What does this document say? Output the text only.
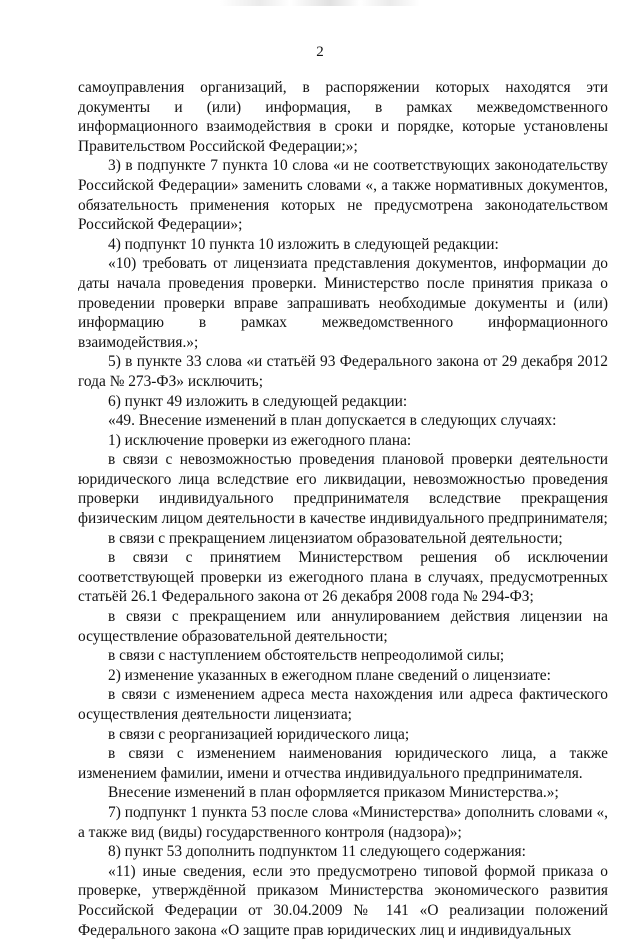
2

самоуправления организаций, в распоряжении которых находятся эти документы и (или) информация, в рамках межведомственного информационного взаимодействия в сроки и порядке, которые установлены Правительством Российской Федерации;»;

3) в подпункте 7 пункта 10 слова «и не соответствующих законодательству Российской Федерации» заменить словами «, а также нормативных документов, обязательность применения которых не предусмотрена законодательством Российской Федерации»;

4) подпункт 10 пункта 10 изложить в следующей редакции:

«10) требовать от лицензиата представления документов, информации до даты начала проведения проверки. Министерство после принятия приказа о проведении проверки вправе запрашивать необходимые документы и (или) информацию в рамках межведомственного информационного взаимодействия.»;

5) в пункте 33 слова «и статьёй 93 Федерального закона от 29 декабря 2012 года № 273-ФЗ» исключить;

6) пункт 49 изложить в следующей редакции:

«49. Внесение изменений в план допускается в следующих случаях:

1) исключение проверки из ежегодного плана:

в связи с невозможностью проведения плановой проверки деятельности юридического лица вследствие его ликвидации, невозможностью проведения проверки индивидуального предпринимателя вследствие прекращения физическим лицом деятельности в качестве индивидуального предпринимателя;

в связи с прекращением лицензиатом образовательной деятельности;

в связи с принятием Министерством решения об исключении соответствующей проверки из ежегодного плана в случаях, предусмотренных статьёй 26.1 Федерального закона от 26 декабря 2008 года № 294-ФЗ;

в связи с прекращением или аннулированием действия лицензии на осуществление образовательной деятельности;

в связи с наступлением обстоятельств непреодолимой силы;

2) изменение указанных в ежегодном плане сведений о лицензиате:

в связи с изменением адреса места нахождения или адреса фактического осуществления деятельности лицензиата;

в связи с реорганизацией юридического лица;

в связи с изменением наименования юридического лица, а также изменением фамилии, имени и отчества индивидуального предпринимателя.

Внесение изменений в план оформляется приказом Министерства.»;

7) подпункт 1 пункта 53 после слова «Министерства» дополнить словами «, а также вид (виды) государственного контроля (надзора)»;

8) пункт 53 дополнить подпунктом 11 следующего содержания:

«11) иные сведения, если это предусмотрено типовой формой приказа о проверке, утверждённой приказом Министерства экономического развития Российской Федерации от 30.04.2009 № 141 «О реализации положений Федерального закона «О защите прав юридических лиц и индивидуальных
